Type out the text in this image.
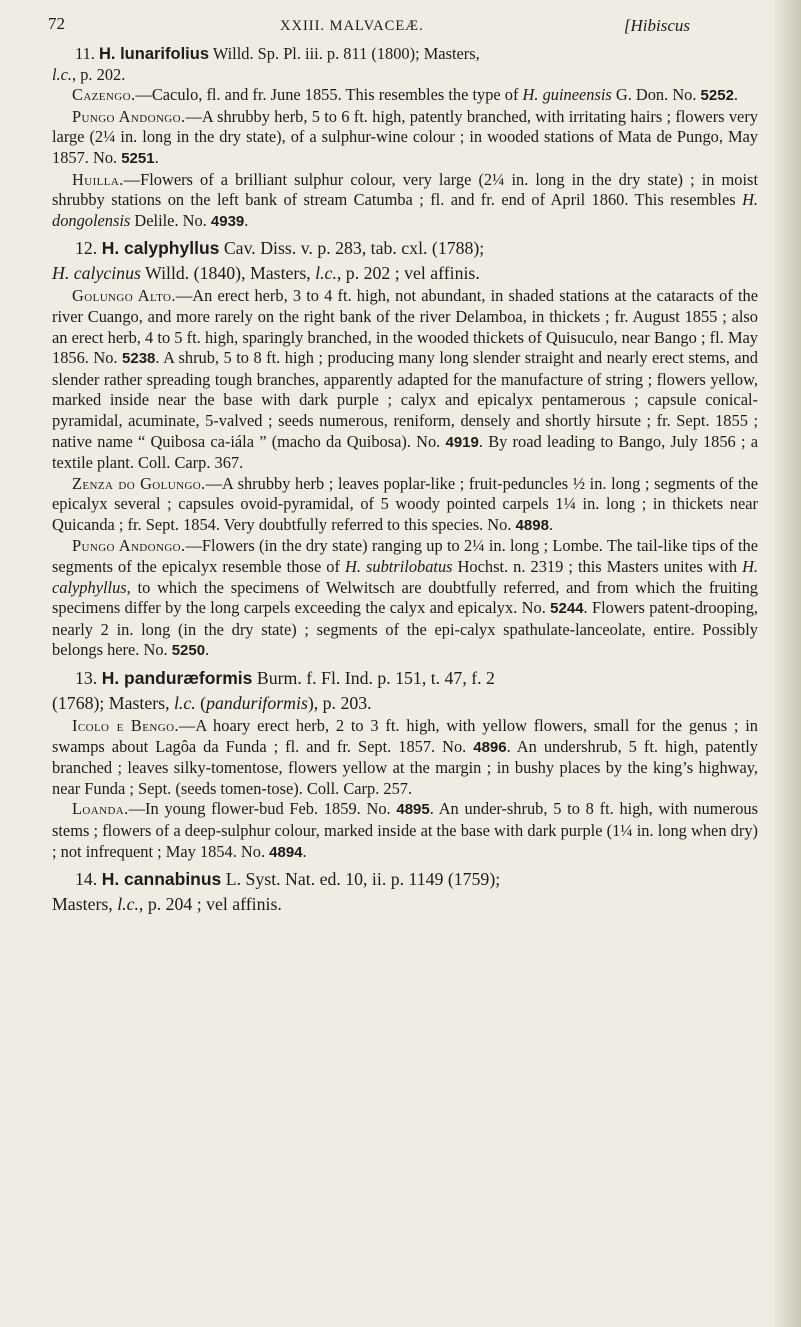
72	XXIII. MALVACEÆ.	[Hibiscus
11. H. lunarifolius Willd. Sp. Pl. iii. p. 811 (1800); Masters,
l.c., p. 202.

Cazengo.—Caculo, fl. and fr. June 1855. This resembles the type of H. guineensis G. Don. No. 5252.

Pungo Andongo.—A shrubby herb, 5 to 6 ft. high, patently branched, with irritating hairs ; flowers very large (2¼ in. long in the dry state), of a sulphur-wine colour ; in wooded stations of Mata de Pungo, May 1857. No. 5251.

Huilla.—Flowers of a brilliant sulphur colour, very large (2¼ in. long in the dry state) ; in moist shrubby stations on the left bank of stream Catumba ; fl. and fr. end of April 1860. This resembles H. dongolensis Delile. No. 4939.

12. H. calyphyllus Cav. Diss. v. p. 283, tab. cxl. (1788);
H. calycinus Willd. (1840), Masters, l.c., p. 202 ; vel affinis.

Golungo Alto.—An erect herb, 3 to 4 ft. high, not abundant, in shaded stations at the cataracts of the river Cuango, and more rarely on the right bank of the river Delamboa, in thickets ; fr. August 1855 ; also an erect herb, 4 to 5 ft. high, sparingly branched, in the wooded thickets of Quisuculo, near Bango ; fl. May 1856. No. 5238. A shrub, 5 to 8 ft. high ; producing many long slender straight and nearly erect stems, and slender rather spreading tough branches, apparently adapted for the manufacture of string ; flowers yellow, marked inside near the base with dark purple ; calyx and epicalyx pentamerous ; capsule conical-pyramidal, acuminate, 5-valved ; seeds numerous, reniform, densely and shortly hirsute ; fr. Sept. 1855 ; native name “ Quibosa ca-iála ” (macho da Quibosa). No. 4919. By road leading to Bango, July 1856 ; a textile plant. Coll. Carp. 367.

Zenza do Golungo.—A shrubby herb ; leaves poplar-like ; fruit-peduncles ½ in. long ; segments of the epicalyx several ; capsules ovoid-pyramidal, of 5 woody pointed carpels 1¼ in. long ; in thickets near Quicanda ; fr. Sept. 1854. Very doubtfully referred to this species. No. 4898.

Pungo Andongo.—Flowers (in the dry state) ranging up to 2¼ in. long ; Lombe. The tail-like tips of the segments of the epicalyx resemble those of H. subtrilobatus Hochst. n. 2319 ; this Masters unites with H. calyphyllus, to which the specimens of Welwitsch are doubtfully referred, and from which the fruiting specimens differ by the long carpels exceeding the calyx and epicalyx. No. 5244. Flowers patent-drooping, nearly 2 in. long (in the dry state) ; segments of the epi-calyx spathulate-lanceolate, entire. Possibly belongs here. No. 5250.

13. H. panduræformis Burm. f. Fl. Ind. p. 151, t. 47, f. 2
(1768); Masters, l.c. (panduriformis), p. 203.

Icolo e Bengo.—A hoary erect herb, 2 to 3 ft. high, with yellow flowers, small for the genus ; in swamps about Lagôa da Funda ; fl. and fr. Sept. 1857. No. 4896. An undershrub, 5 ft. high, patently branched ; leaves silky-tomentose, flowers yellow at the margin ; in bushy places by the king’s highway, near Funda ; Sept. (seeds tomen-tose). Coll. Carp. 257.

Loanda.—In young flower-bud Feb. 1859. No. 4895. An under-shrub, 5 to 8 ft. high, with numerous stems ; flowers of a deep-sulphur colour, marked inside at the base with dark purple (1¼ in. long when dry) ; not infrequent ; May 1854. No. 4894.

14. H. cannabinus L. Syst. Nat. ed. 10, ii. p. 1149 (1759);
Masters, l.c., p. 204 ; vel affinis.
